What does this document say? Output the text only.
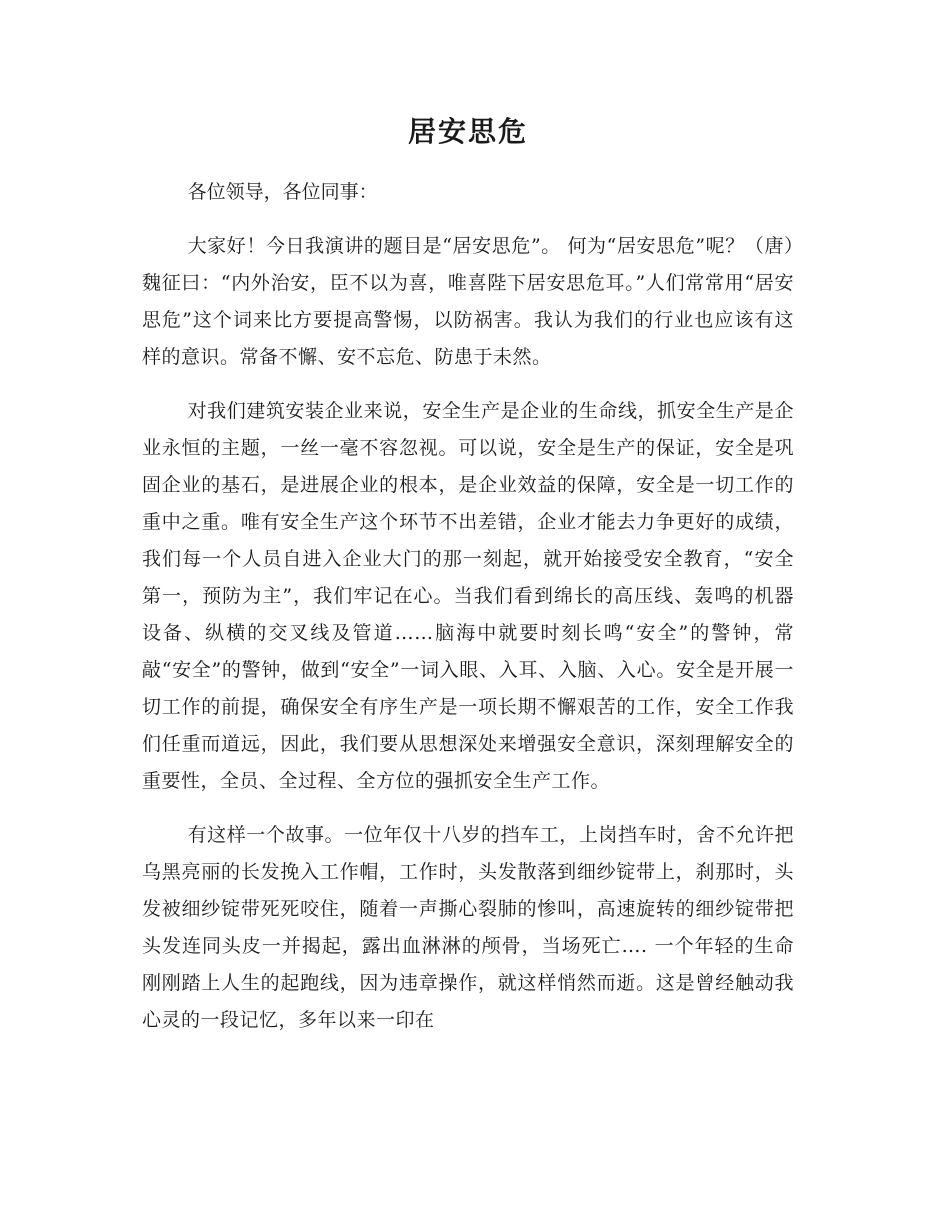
居安思危

各位领导，各位同事：

大家好！今日我演讲的题目是“居安思危”。 何为“居安思危”呢？（唐）魏征曰：“内外治安，臣不以为喜，唯喜陛下居安思危耳。”人们常常用“居安思危”这个词来比方要提高警惕，以防祸害。我认为我们的行业也应该有这样的意识。常备不懈、安不忘危、防患于未然。

对我们建筑安装企业来说，安全生产是企业的生命线，抓安全生产是企业永恒的主题，一丝一毫不容忽视。可以说，安全是生产的保证，安全是巩固企业的基石，是进展企业的根本，是企业效益的保障，安全是一切工作的重中之重。唯有安全生产这个环节不出差错，企业才能去力争更好的成绩，我们每一个人员自进入企业大门的那一刻起，就开始接受安全教育，“安全第一，预防为主”，我们牢记在心。当我们看到绵长的高压线、轰鸣的机器设备、纵横的交叉线及管道……脑海中就要时刻长鸣“安全”的警钟，常敲“安全”的警钟，做到“安全”一词入眼、入耳、入脑、入心。安全是开展一切工作的前提，确保安全有序生产是一项长期不懈艰苦的工作，安全工作我们任重而道远，因此，我们要从思想深处来增强安全意识，深刻理解安全的重要性，全员、全过程、全方位的强抓安全生产工作。

有这样一个故事。一位年仅十八岁的挡车工，上岗挡车时，舍不允许把乌黑亮丽的长发挽入工作帽，工作时，头发散落到细纱锭带上，刹那时，头发被细纱锭带死死咬住，随着一声撕心裂肺的惨叫，高速旋转的细纱锭带把头发连同头皮一并揭起，露出血淋淋的颅骨，当场死亡…. 一个年轻的生命刚刚踏上人生的起跑线，因为违章操作，就这样悄然而逝。这是曾经触动我心灵的一段记忆，多年以来一印在
